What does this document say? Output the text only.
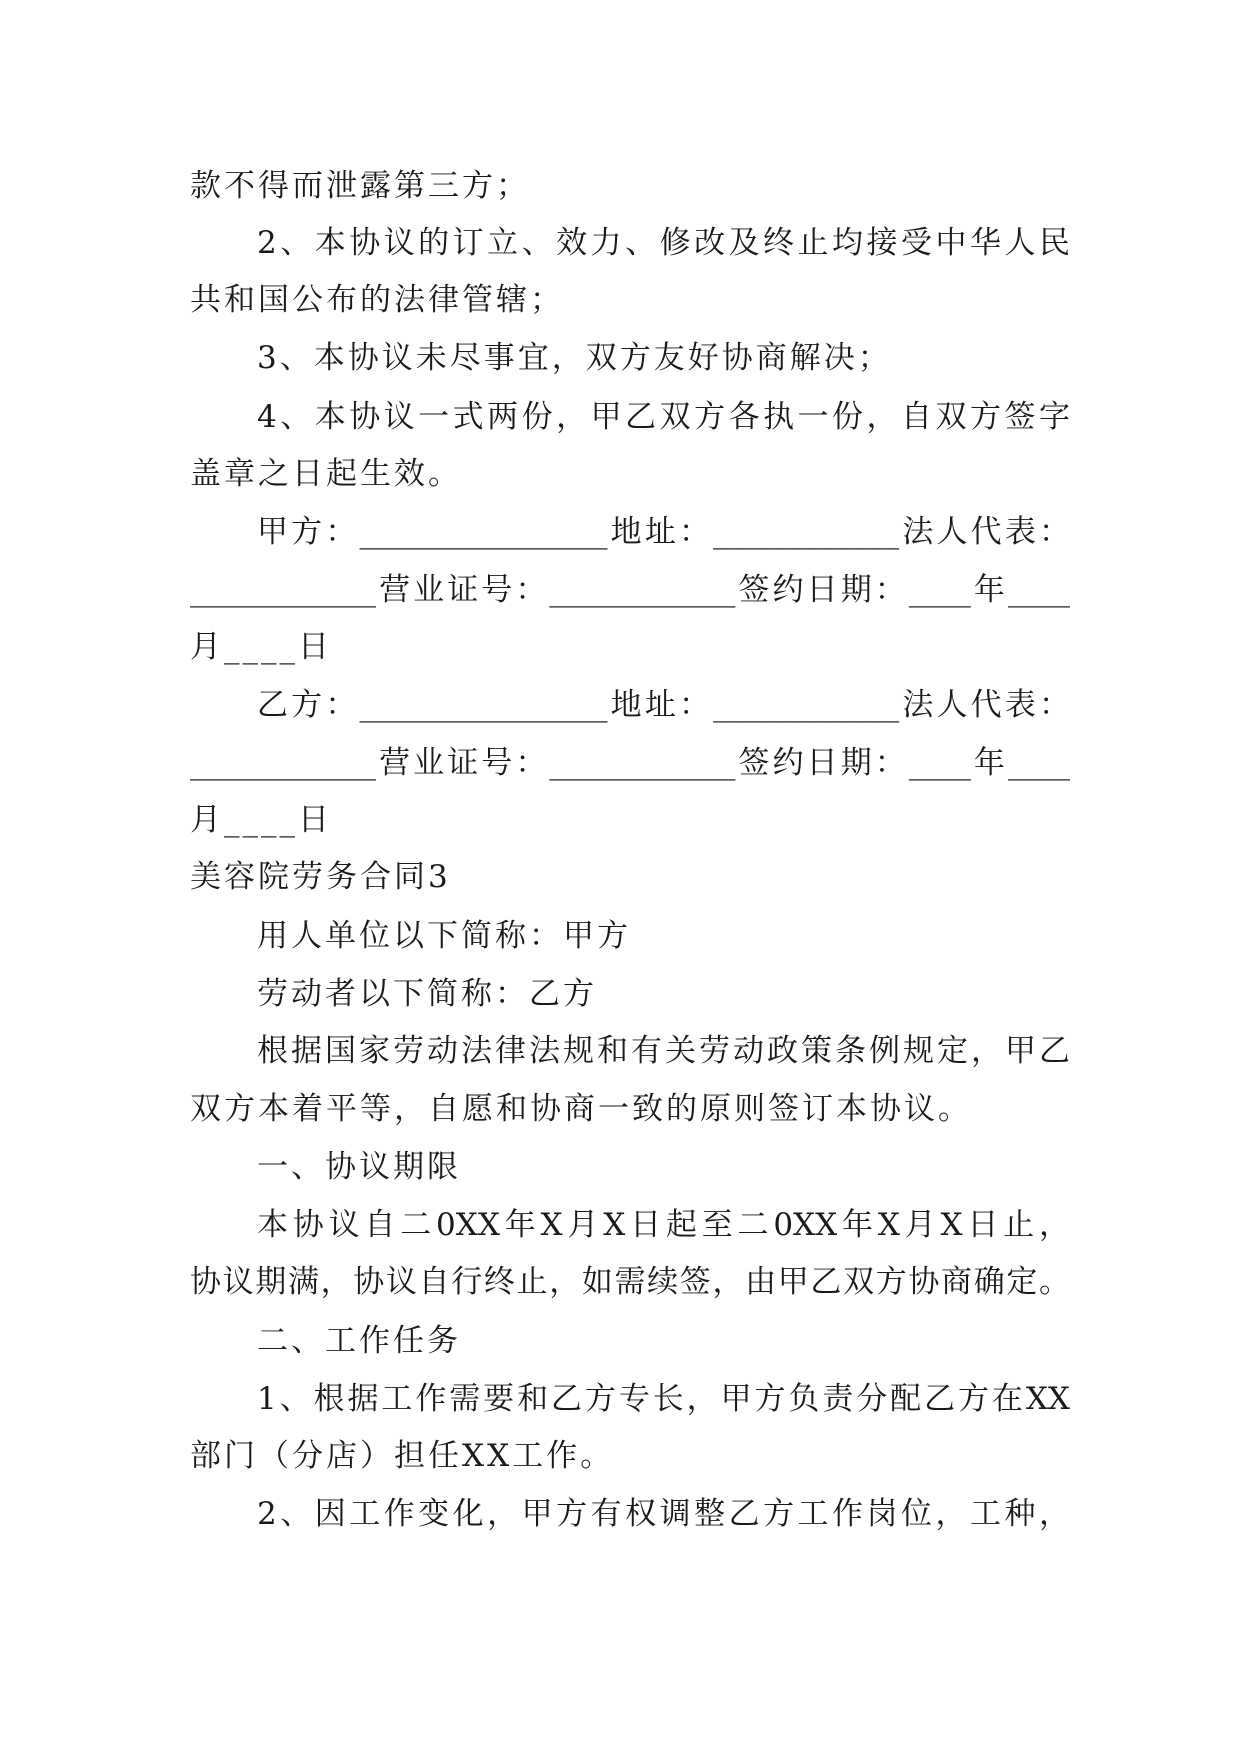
款不得而泄露第三方；
2、本协议的订立、效力、修改及终止均接受中华人民
共和国公布的法律管辖；
3、本协议未尽事宜，双方友好协商解决；
4、本协议一式两份，甲乙双方各执一份，自双方签字
盖章之日起生效。
甲方：________________地址：____________法人代表：
____________营业证号：____________签约日期：____年____
月____日
乙方：________________地址：____________法人代表：
____________营业证号：____________签约日期：____年____
月____日
美容院劳务合同3
用人单位以下简称：甲方
劳动者以下简称：乙方
根据国家劳动法律法规和有关劳动政策条例规定，甲乙
双方本着平等，自愿和协商一致的原则签订本协议。
一、协议期限
本协议自二0XX年X月X日起至二0XX年X月X日止，
协议期满，协议自行终止，如需续签，由甲乙双方协商确定。
二、工作任务
1、根据工作需要和乙方专长，甲方负责分配乙方在XX
部门（分店）担任XX工作。
2、因工作变化，甲方有权调整乙方工作岗位，工种，
